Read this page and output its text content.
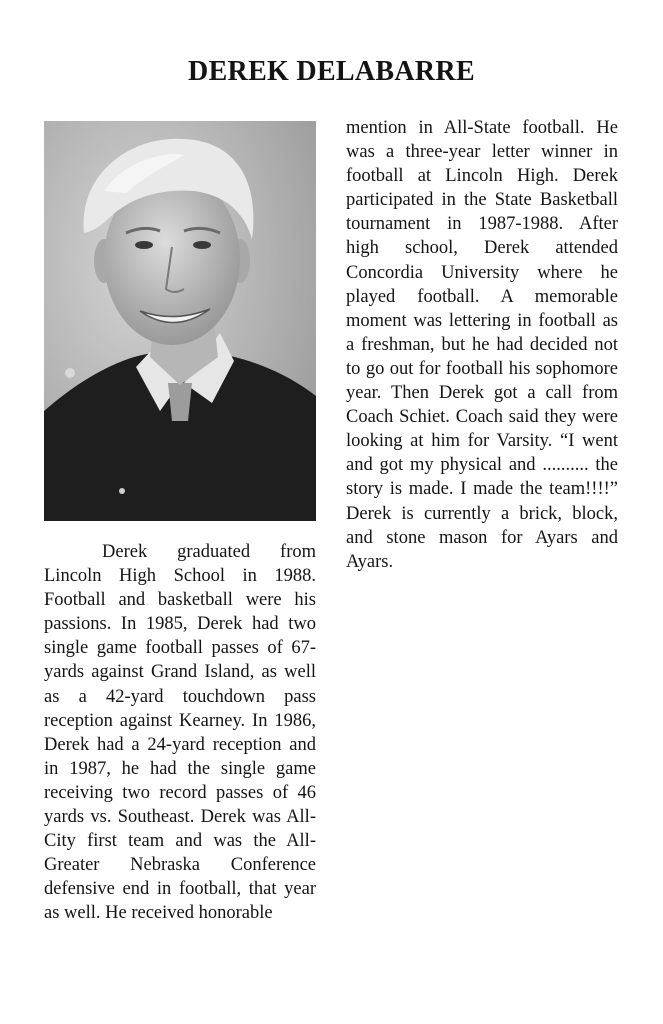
DEREK DELABARRE

Derek graduated from Lincoln High School in 1988. Football and basketball were his passions. In 1985, Derek had two single game football passes of 67-yards against Grand Island, as well as a 42-yard touchdown pass reception against Kearney. In 1986, Derek had a 24-yard reception and in 1987, he had the single game receiving two record passes of 46 yards vs. Southeast. Derek was All-City first team and was the All-Greater Nebraska Conference defensive end in football, that year as well. He received honorable

mention in All-State football. He was a three-year letter winner in football at Lincoln High. Derek participated in the State Basketball tournament in 1987-1988. After high school, Derek attended Concordia University where he played football. A memorable moment was lettering in football as a freshman, but he had decided not to go out for football his sophomore year. Then Derek got a call from Coach Schiet. Coach said they were looking at him for Varsity. “I went and got my physical and .......... the story is made. I made the team!!!!” Derek is currently a brick, block, and stone mason for Ayars and Ayars.
